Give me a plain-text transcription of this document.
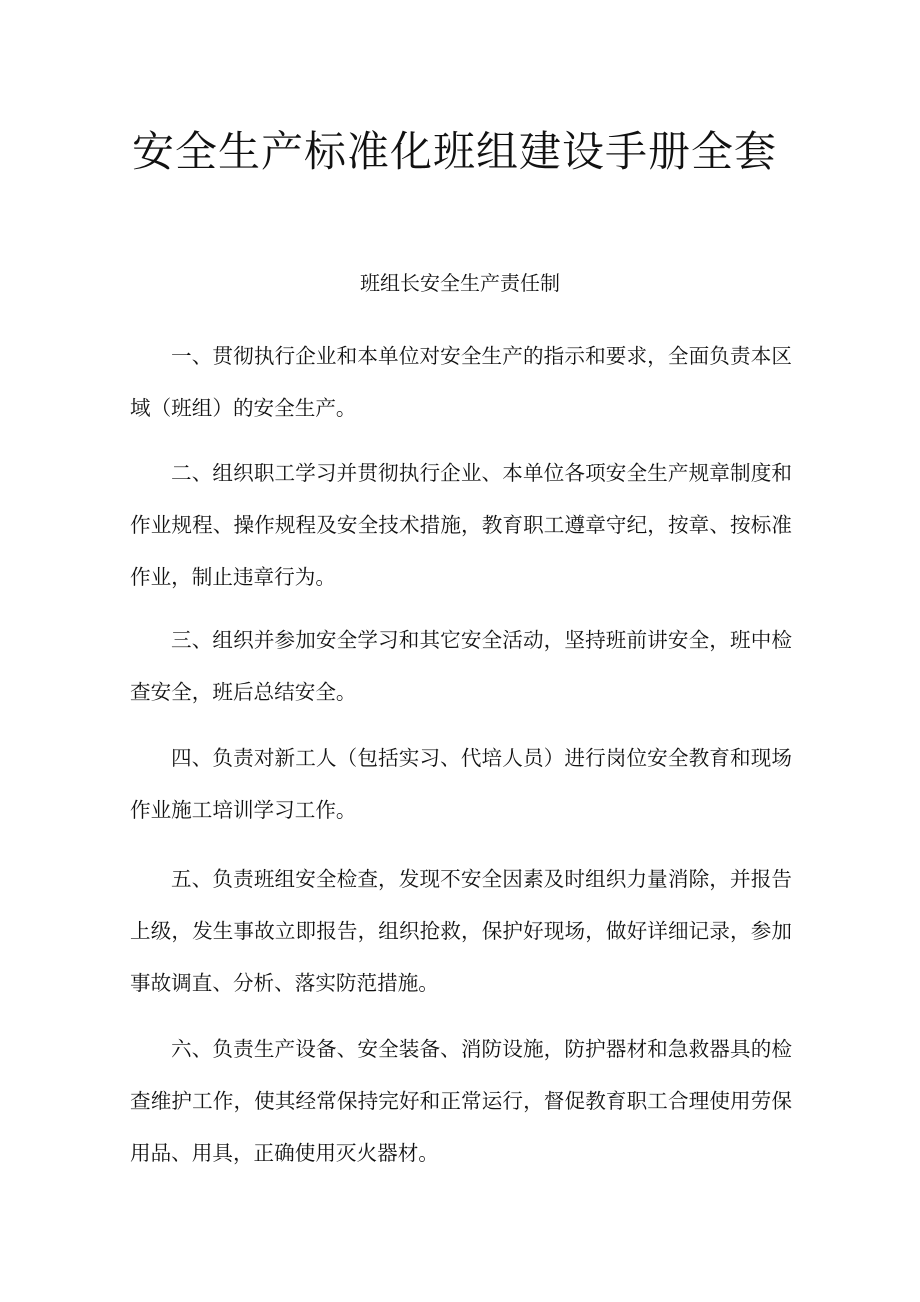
安全生产标准化班组建设手册全套
班组长安全生产责任制

一、贯彻执行企业和本单位对安全生产的指示和要求，全面负责本区域（班组）的安全生产。

二、组织职工学习并贯彻执行企业、本单位各项安全生产规章制度和作业规程、操作规程及安全技术措施，教育职工遵章守纪，按章、按标准作业，制止违章行为。

三、组织并参加安全学习和其它安全活动，坚持班前讲安全，班中检查安全，班后总结安全。

四、负责对新工人（包括实习、代培人员）进行岗位安全教育和现场作业施工培训学习工作。

五、负责班组安全检查，发现不安全因素及时组织力量消除，并报告上级，发生事故立即报告，组织抢救，保护好现场，做好详细记录，参加事故调直、分析、落实防范措施。

六、负责生产设备、安全装备、消防设施，防护器材和急救器具的检查维护工作，使其经常保持完好和正常运行，督促教育职工合理使用劳保用品、用具，正确使用灭火器材。
